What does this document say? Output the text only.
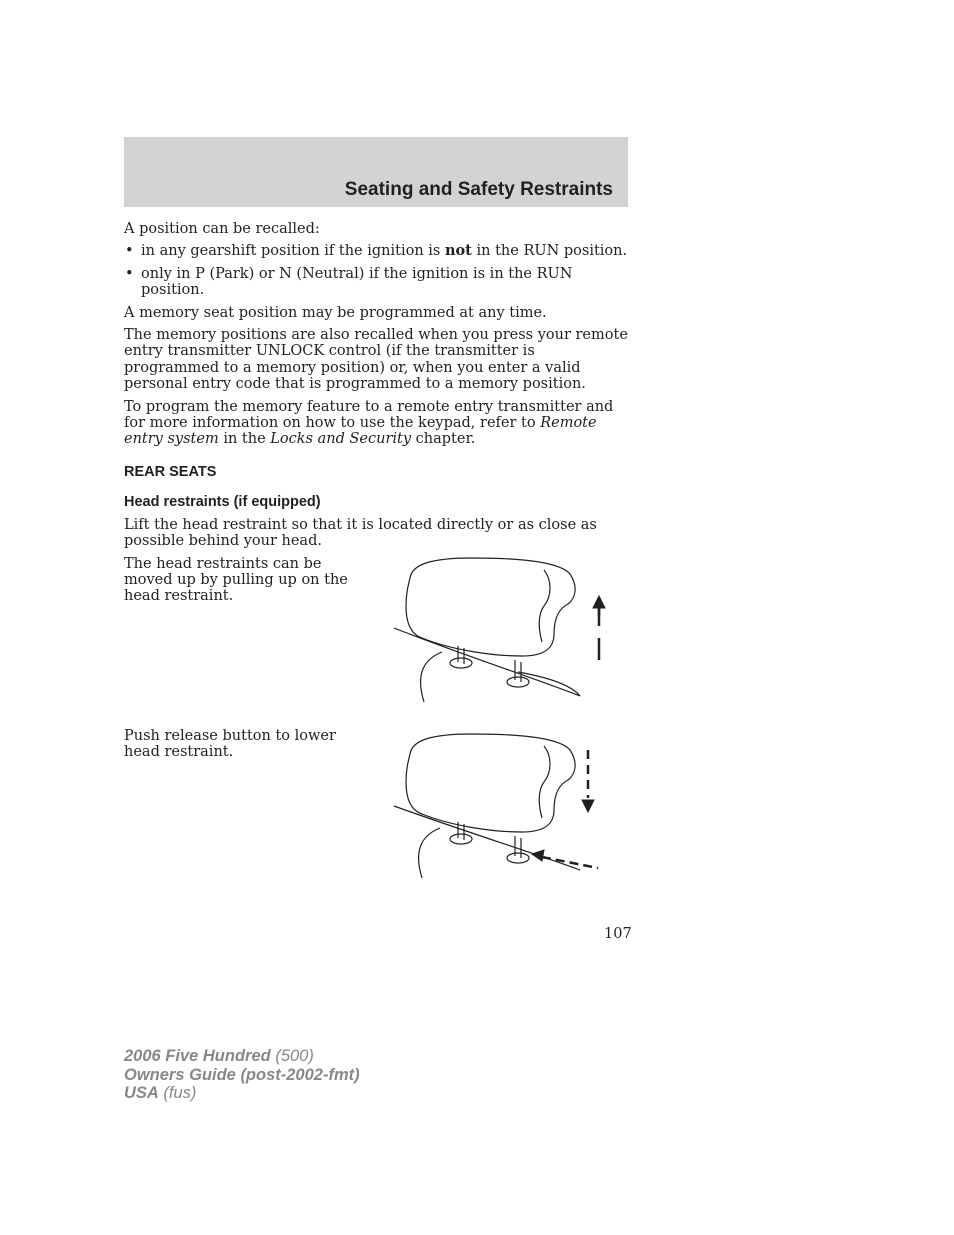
Seating and Safety Restraints

A position can be recalled:

• in any gearshift position if the ignition is not in the RUN position.
• only in P (Park) or N (Neutral) if the ignition is in the RUN position.

A memory seat position may be programmed at any time.

The memory positions are also recalled when you press your remote entry transmitter UNLOCK control (if the transmitter is programmed to a memory position) or, when you enter a valid personal entry code that is programmed to a memory position.

To program the memory feature to a remote entry transmitter and for more information on how to use the keypad, refer to Remote entry system in the Locks and Security chapter.

REAR SEATS
Head restraints (if equipped)

Lift the head restraint so that it is located directly or as close as possible behind your head.

The head restraints can be moved up by pulling up on the head restraint.
Push release button to lower head restraint.
107
2006 Five Hundred (500)
Owners Guide (post-2002-fmt)
USA (fus)
